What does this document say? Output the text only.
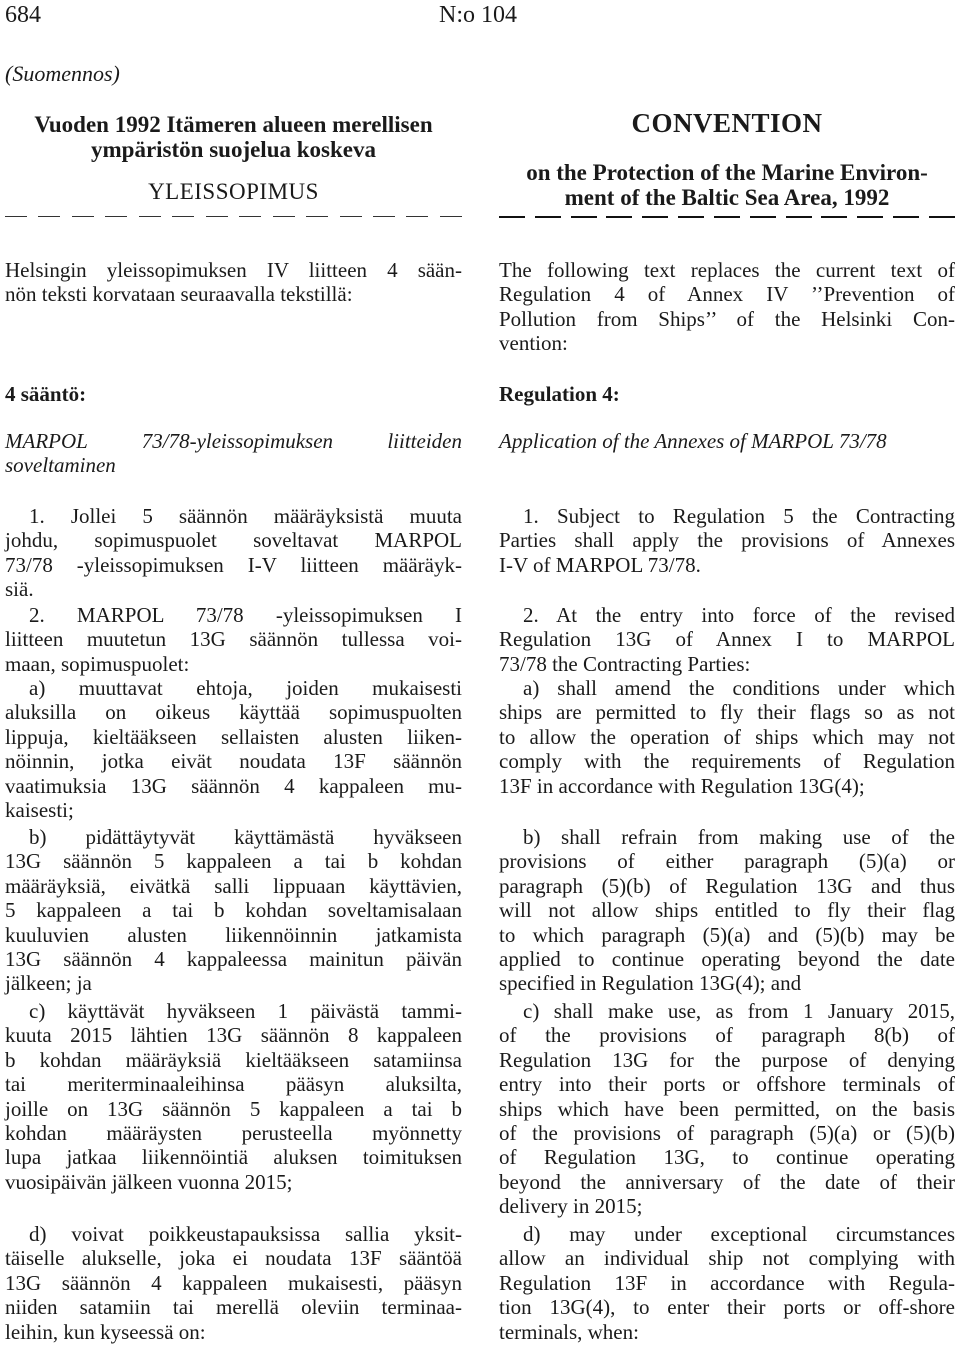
684	N:o 104
(Suomennos)
Vuoden 1992 Itämeren alueen merellisen
ympäristön suojelua koskeva
YLEISSOPIMUS
Helsingin yleissopimuksen IV liitteen 4 sään-
nön teksti korvataan seuraavalla tekstillä:
4 sääntö:
MARPOL 73/78-yleissopimuksen liitteiden
soveltaminen
1. Jollei 5 säännön määräyksistä muuta
johdu, sopimuspuolet soveltavat MARPOL
73/78 -yleissopimuksen I-V liitteen määräyk-
siä.
2. MARPOL 73/78 -yleissopimuksen I
liitteen muutetun 13G säännön tullessa voi-
maan, sopimuspuolet:
a) muuttavat ehtoja, joiden mukaisesti
aluksilla on oikeus käyttää sopimuspuolten
lippuja, kieltääkseen sellaisten alusten liiken-
nöinnin, jotka eivät noudata 13F säännön
vaatimuksia 13G säännön 4 kappaleen mu-
kaisesti;
b) pidättäytyvät käyttämästä hyväkseen
13G säännön 5 kappaleen a tai b kohdan
määräyksiä, eivätkä salli lippuaan käyttävien,
5 kappaleen a tai b kohdan soveltamisalaan
kuuluvien alusten liikennöinnin jatkamista
13G säännön 4 kappaleessa mainitun päivän
jälkeen; ja
c) käyttävät hyväkseen 1 päivästä tammi-
kuuta 2015 lähtien 13G säännön 8 kappaleen
b kohdan määräyksiä kieltääkseen satamiinsa
tai meriterminaaleihinsa pääsyn aluksilta,
joille on 13G säännön 5 kappaleen a tai b
kohdan määräysten perusteella myönnetty
lupa jatkaa liikennöintiä aluksen toimituksen
vuosipäivän jälkeen vuonna 2015;
d) voivat poikkeustapauksissa sallia yksit-
täiselle alukselle, joka ei noudata 13F sääntöä
13G säännön 4 kappaleen mukaisesti, pääsyn
niiden satamiin tai merellä oleviin terminaa-
leihin, kun kyseessä on:
CONVENTION
on the Protection of the Marine Environ-
ment of the Baltic Sea Area, 1992
The following text replaces the current text of
Regulation 4 of Annex IV ’’Prevention of
Pollution from Ships’’ of the Helsinki Con-
vention:
Regulation 4:
Application of the Annexes of MARPOL 73/78
1. Subject to Regulation 5 the Contracting
Parties shall apply the provisions of Annexes
I-V of MARPOL 73/78.
2. At the entry into force of the revised
Regulation 13G of Annex I to MARPOL
73/78 the Contracting Parties:
a) shall amend the conditions under which
ships are permitted to fly their flags so as not
to allow the operation of ships which may not
comply with the requirements of Regulation
13F in accordance with Regulation 13G(4);
b) shall refrain from making use of the
provisions of either paragraph (5)(a) or
paragraph (5)(b) of Regulation 13G and thus
will not allow ships entitled to fly their flag
to which paragraph (5)(a) and (5)(b) may be
applied to continue operating beyond the date
specified in Regulation 13G(4); and
c) shall make use, as from 1 January 2015,
of the provisions of paragraph 8(b) of
Regulation 13G for the purpose of denying
entry into their ports or offshore terminals of
ships which have been permitted, on the basis
of the provisions of paragraph (5)(a) or (5)(b)
of Regulation 13G, to continue operating
beyond the anniversary of the date of their
delivery in 2015;
d) may under exceptional circumstances
allow an individual ship not complying with
Regulation 13F in accordance with Regula-
tion 13G(4), to enter their ports or off-shore
terminals, when:
